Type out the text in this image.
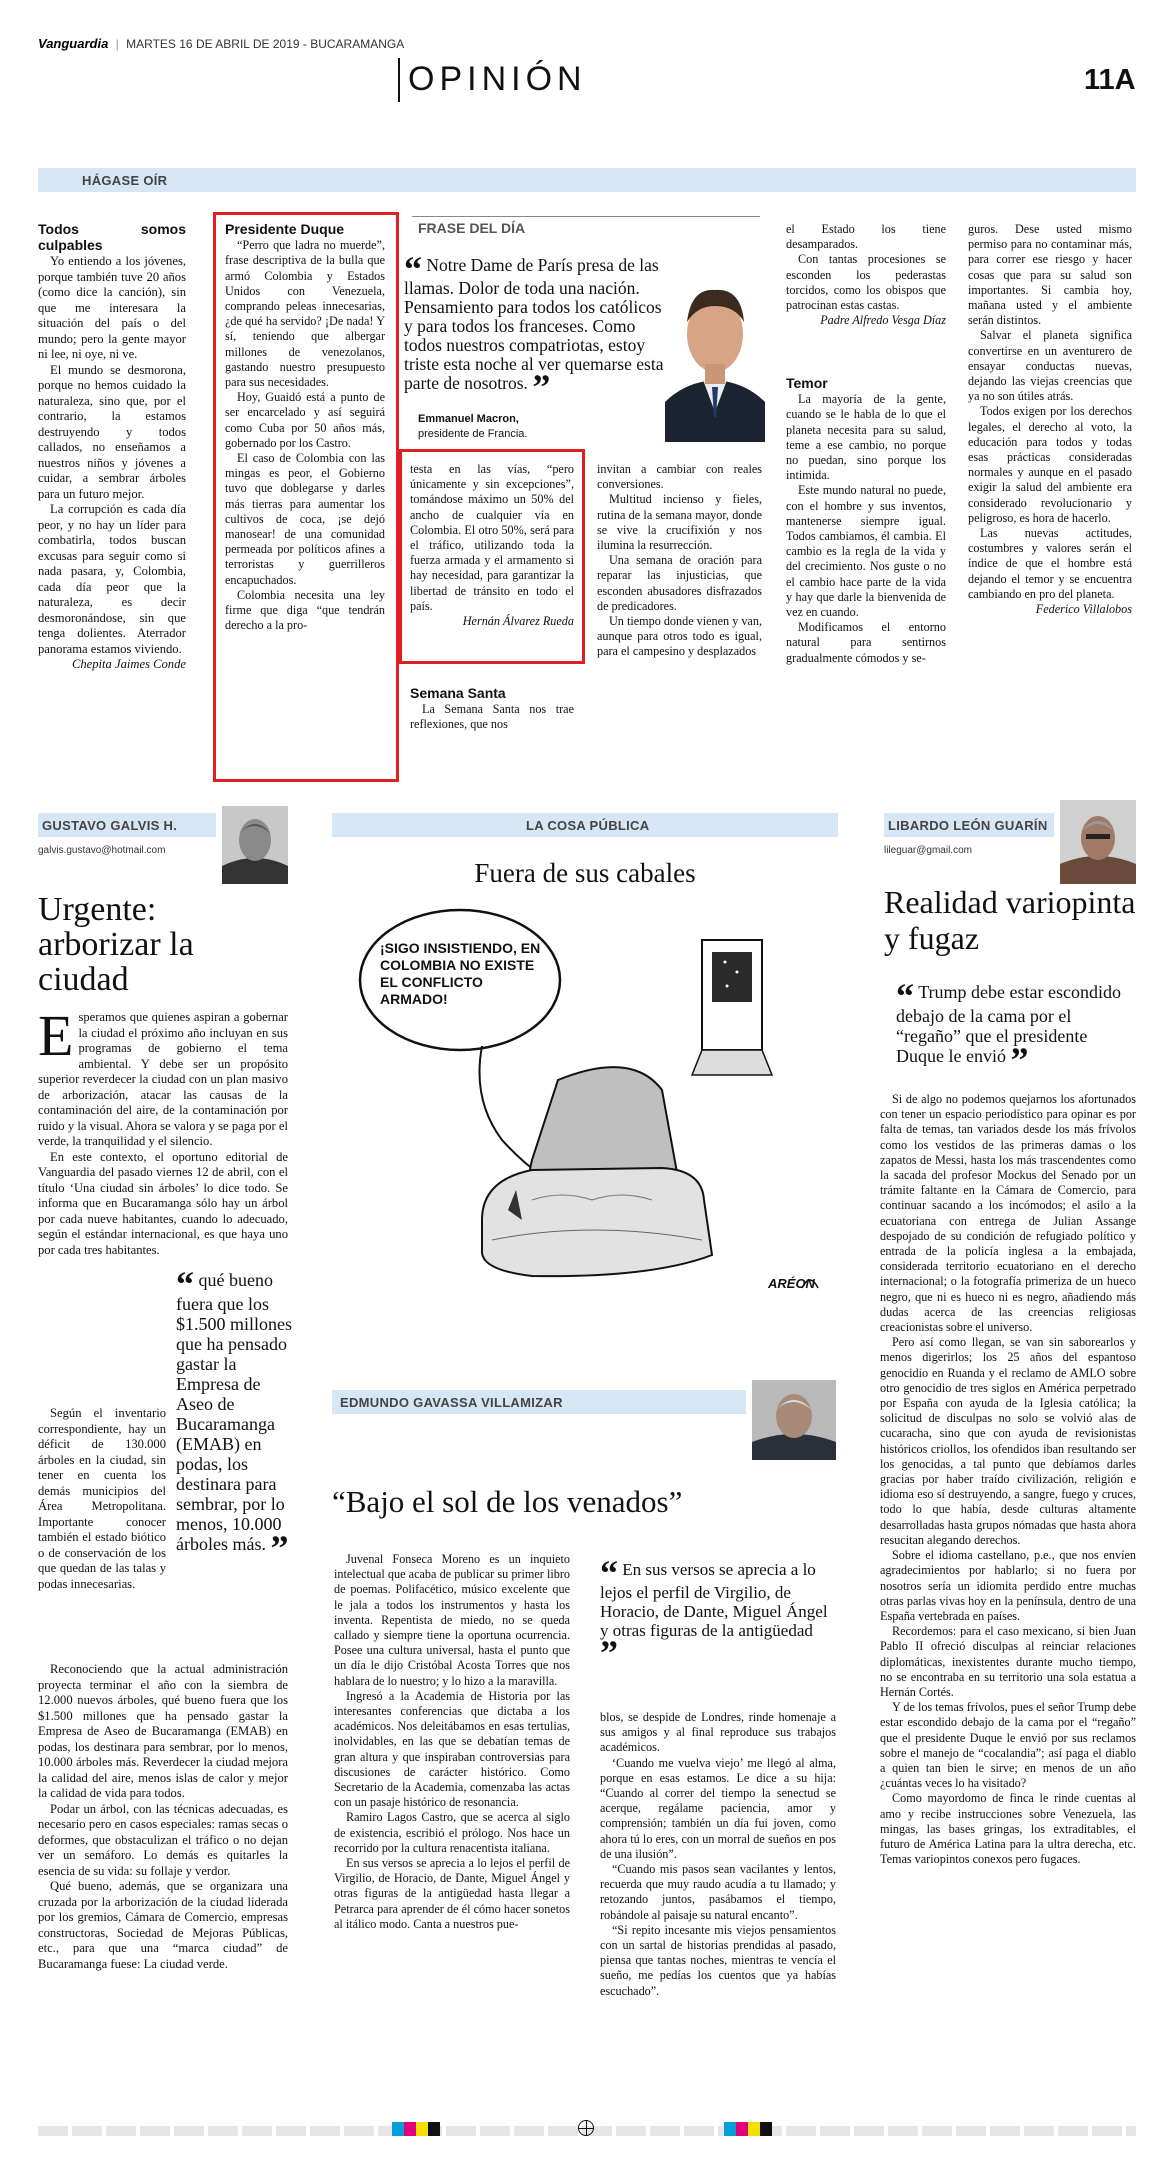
Vanguardia | MARTES 16 DE ABRIL DE 2019 - BUCARAMANGA
OPINIÓN	11A
HÁGASE OÍR

Todos somos culpables

Yo entiendo a los jóvenes, porque también tuve 20 años (como dice la canción), sin que me interesara la situación del país o del mundo; pero la gente mayor ni lee, ni oye, ni ve.

El mundo se desmorona, porque no hemos cuidado la naturaleza, sino que, por el contrario, la estamos destruyendo y todos callados, no enseñamos a nuestros niños y jóvenes a cuidar, a sembrar árboles para un futuro mejor.

La corrupción es cada día peor, y no hay un líder para combatirla, todos buscan excusas para seguir como si nada pasara, y, Colombia, cada día peor que la naturaleza, es decir desmoronándose, sin que tenga dolientes. Aterrador panorama estamos viviendo.

Chepita Jaimes Conde

Presidente Duque

“Perro que ladra no muerde”, frase descriptiva de la bulla que armó Colombia y Estados Unidos con Venezuela, comprando peleas innecesarias, ¿de qué ha servido? ¡De nada! Y sí, teniendo que albergar millones de venezolanos, gastando nuestro presupuesto para sus necesidades.

Hoy, Guaidó está a punto de ser encarcelado y así seguirá como Cuba por 50 años más, gobernado por los Castro.

El caso de Colombia con las mingas es peor, el Gobierno tuvo que doblegarse y darles más tierras para aumentar los cultivos de coca, ¡se dejó manosear! de una comunidad permeada por políticos afines a terroristas y guerrilleros encapuchados.

Colombia necesita una ley firme que diga “que tendrán derecho a la pro-

testa en las vías, “pero únicamente y sin excepciones”, tomándose máximo un 50% del ancho de cualquier vía en Colombia. El otro 50%, será para el tráfico, utilizando toda la fuerza armada y el armamento si hay necesidad, para garantizar la libertad de tránsito en todo el país.

Hernán Álvarez Rueda

FRASE DEL DÍA
“ Notre Dame de París presa de las llamas. Dolor de toda una nación. Pensamiento para todos los católicos y para todos los franceses. Como todos nuestros compatriotas, estoy triste esta noche al ver quemarse esta parte de nosotros. ”
Emmanuel Macron,
presidente de Francia.

Semana Santa

La Semana Santa nos trae reflexiones, que nos

invitan a cambiar con reales conversiones.

Multitud incienso y fieles, rutina de la semana mayor, donde se vive la crucifixión y nos ilumina la resurrección.

Una semana de oración para reparar las injusticias, que esconden abusadores disfrazados de predicadores.

Un tiempo donde vienen y van, aunque para otros todo es igual, para el campesino y desplazados

el Estado los tiene desamparados.

Con tantas procesiones se esconden los pederastas torcidos, como los obispos que patrocinan estas castas.

Padre Alfredo Vesga Díaz

Temor

La mayoría de la gente, cuando se le habla de lo que el planeta necesita para su salud, teme a ese cambio, no porque no puedan, sino porque los intimida.

Este mundo natural no puede, con el hombre y sus inventos, mantenerse siempre igual. Todos cambiamos, él cambia. El cambio es la regla de la vida y del crecimiento. Nos guste o no el cambio hace parte de la vida y hay que darle la bienvenida de vez en cuando.

Modificamos el entorno natural para sentirnos gradualmente cómodos y se-

guros. Dese usted mismo permiso para no contaminar más, para correr ese riesgo y hacer cosas que para su salud son importantes. Si cambia hoy, mañana usted y el ambiente serán distintos.

Salvar el planeta significa convertirse en un aventurero de ensayar conductas nuevas, dejando las viejas creencias que ya no son útiles atrás.

Todos exigen por los derechos legales, el derecho al voto, la educación para todos y todas esas prácticas consideradas normales y aunque en el pasado exigir la salud del ambiente era considerado revolucionario y peligroso, es hora de hacerlo.

Las nuevas actitudes, costumbres y valores serán el índice de que el hombre está dejando el temor y se encuentra cambiando en pro del planeta.

Federico Villalobos

GUSTAVO GALVIS H.
galvis.gustavo@hotmail.com
Urgente: arborizar la ciudad

Esperamos que quienes aspiran a gobernar la ciudad el próximo año incluyan en sus programas de gobierno el tema ambiental. Y debe ser un propósito superior reverdecer la ciudad con un plan masivo de arborización, atacar las causas de la contaminación del aire, de la contaminación por ruido y la visual. Ahora se valora y se paga por el verde, la tranquilidad y el silencio.

En este contexto, el oportuno editorial de Vanguardia del pasado viernes 12 de abril, con el título ‘Una ciudad sin árboles’ lo dice todo. Se informa que en Bucaramanga sólo hay un árbol por cada nueve habitantes, cuando lo adecuado, según el estándar internacional, es que haya uno por cada tres habitantes.

“ qué bueno fuera que los $1.500 millones que ha pensado gastar la Empresa de Aseo de Bucaramanga (EMAB) en podas, los destinara para sembrar, por lo menos, 10.000 árboles más. ”

Según el inventario correspondiente, hay un déficit de 130.000 árboles en la ciudad, sin tener en cuenta los demás municipios del Área Metropolitana. Importante conocer también el estado biótico o de conservación de los que quedan de las talas y podas innecesarias.

Reconociendo que la actual administración proyecta terminar el año con la siembra de 12.000 nuevos árboles, qué bueno fuera que los $1.500 millones que ha pensado gastar la Empresa de Aseo de Bucaramanga (EMAB) en podas, los destinara para sembrar, por lo menos, 10.000 árboles más. Reverdecer la ciudad mejora la calidad del aire, menos islas de calor y mejor la calidad de vida para todos.

Podar un árbol, con las técnicas adecuadas, es necesario pero en casos especiales: ramas secas o deformes, que obstaculizan el tráfico o no dejan ver un semáforo. Lo demás es quitarles la esencia de su vida: su follaje y verdor.

Qué bueno, además, que se organizara una cruzada por la arborización de la ciudad liderada por los gremios, Cámara de Comercio, empresas constructoras, Sociedad de Mejoras Públicas, etc., para que una “marca ciudad” de Bucaramanga fuese: La ciudad verde.

LA COSA PÚBLICA
Fuera de sus cabales
¡SIGO INSISTIENDO, EN COLOMBIA NO EXISTE EL CONFLICTO ARMADO!
ARÉON
EDMUNDO GAVASSA VILLAMIZAR
“Bajo el sol de los venados”

Juvenal Fonseca Moreno es un inquieto intelectual que acaba de publicar su primer libro de poemas. Polifacético, músico excelente que le jala a todos los instrumentos y hasta los inventa. Repentista de miedo, no se queda callado y siempre tiene la oportuna ocurrencia. Posee una cultura universal, hasta el punto que un día le dijo Cristóbal Acosta Torres que nos hablara de lo nuestro; y lo hizo a la maravilla.

Ingresó a la Academia de Historia por las interesantes conferencias que dictaba a los académicos. Nos deleitábamos en esas tertulias, inolvidables, en las que se debatían temas de gran altura y que inspiraban controversias para discusiones de carácter histórico. Como Secretario de la Academia, comenzaba las actas con un pasaje histórico de resonancia.

Ramiro Lagos Castro, que se acerca al siglo de existencia, escribió el prólogo. Nos hace un recorrido por la cultura renacentista italiana.

En sus versos se aprecia a lo lejos el perfil de Virgilio, de Horacio, de Dante, Miguel Ángel y otras figuras de la antigüedad hasta llegar a Petrarca para aprender de él cómo hacer sonetos al itálico modo. Canta a nuestros pue-

“ En sus versos se aprecia a lo lejos el perfil de Virgilio, de Horacio, de Dante, Miguel Ángel y otras figuras de la antigüedad ”

blos, se despide de Londres, rinde homenaje a sus amigos y al final reproduce sus trabajos académicos.

‘Cuando me vuelva viejo’ me llegó al alma, porque en esas estamos. Le dice a su hija: “Cuando al correr del tiempo la senectud se acerque, regálame paciencia, amor y comprensión; también un día fui joven, como ahora tú lo eres, con un morral de sueños en pos de una ilusión”.

“Cuando mis pasos sean vacilantes y lentos, recuerda que muy raudo acudía a tu llamado; y retozando juntos, pasábamos el tiempo, robándole al paisaje su natural encanto”.

“Si repito incesante mis viejos pensamientos con un sartal de historias prendidas al pasado, piensa que tantas noches, mientras te vencía el sueño, me pedías los cuentos que ya habías escuchado”.

LIBARDO LEÓN GUARÍN
lileguar@gmail.com
Realidad variopinta y fugaz
“ Trump debe estar escondido debajo de la cama por el “regaño” que el presidente Duque le envió ”

Si de algo no podemos quejarnos los afortunados con tener un espacio periodístico para opinar es por falta de temas, tan variados desde los más frívolos como los vestidos de las primeras damas o los zapatos de Messi, hasta los más trascendentes como la sacada del profesor Mockus del Senado por un trámite faltante en la Cámara de Comercio, para continuar sacando a los incómodos; el asilo a la ecuatoriana con entrega de Julian Assange despojado de su condición de refugiado político y entrada de la policía inglesa a la embajada, considerada territorio ecuatoriano en el derecho internacional; o la fotografía primeriza de un hueco negro, que ni es hueco ni es negro, añadiendo más dudas acerca de las creencias religiosas creacionistas sobre el universo.

Pero así como llegan, se van sin saborearlos y menos digerirlos; los 25 años del espantoso genocidio en Ruanda y el reclamo de AMLO sobre otro genocidio de tres siglos en América perpetrado por España con ayuda de la Iglesia católica; la solicitud de disculpas no solo se volvió alas de cucaracha, sino que con ayuda de revisionistas históricos criollos, los ofendidos iban resultando ser los genocidas, a tal punto que debíamos darles gracias por haber traído civilización, religión e idioma eso sí destruyendo, a sangre, fuego y cruces, todo lo que había, desde culturas altamente desarrolladas hasta grupos nómadas que hasta ahora resucitan alegando derechos.

Sobre el idioma castellano, p.e., que nos envíen agradecimientos por hablarlo; si no fuera por nosotros sería un idiomita perdido entre muchas otras parlas vivas hoy en la península, dentro de una España vertebrada en países.

Recordemos: para el caso mexicano, si bien Juan Pablo II ofreció disculpas al reinciar relaciones diplomáticas, inexistentes durante mucho tiempo, no se encontraba en su territorio una sola estatua a Hernán Cortés.

Y de los temas frívolos, pues el señor Trump debe estar escondido debajo de la cama por el “regaño” que el presidente Duque le envió por sus reclamos sobre el manejo de “cocalandia”; así paga el diablo a quien tan bien le sirve; en menos de un año ¿cuántas veces lo ha visitado?

Como mayordomo de finca le rinde cuentas al amo y recibe instrucciones sobre Venezuela, las mingas, las bases gringas, los extraditables, el futuro de América Latina para la ultra derecha, etc. Temas variopintos conexos pero fugaces.
